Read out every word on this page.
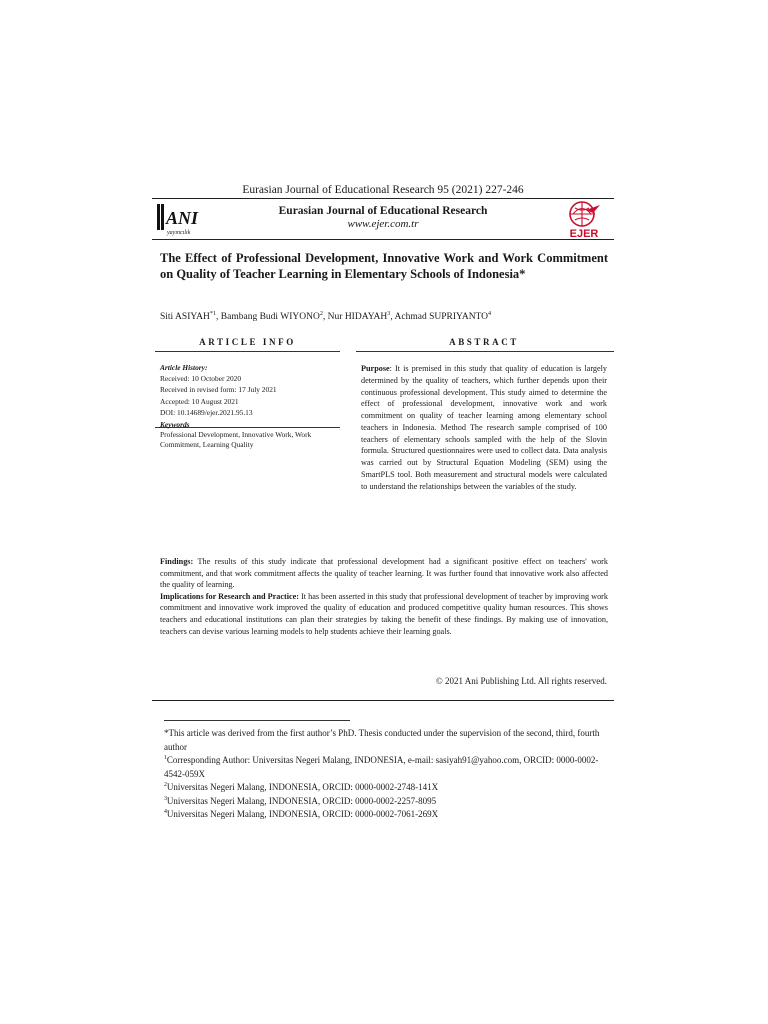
Eurasian Journal of Educational Research 95 (2021) 227-246
ANI
yayıncılık
Eurasian Journal of Educational Research
www.ejer.com.tr
EJER
The Effect of Professional Development, Innovative Work and Work Commitment on Quality of Teacher Learning in Elementary Schools of Indonesia*
Siti ASIYAH$^{*1}$, Bambang Budi WIYONO$^2$, Nur HIDAYAH$^3$, Achmad SUPRIYANTO$^4$
ARTICLE INFO	ABSTRACT
Article History:
Received: 10 October 2020
Received in revised form: 17 July 2021
Accepted: 10 August 2021
DOI: 10.14689/ejer.2021.95.13
Keywords
Professional Development, Innovative Work, Work Commitment, Learning Quality
Purpose: It is premised in this study that quality of education is largely determined by the quality of teachers, which further depends upon their continuous professional development. This study aimed to determine the effect of professional development, innovative work and work commitment on quality of teacher learning among elementary school teachers in Indonesia. Method The research sample comprised of 100 teachers of elementary schools sampled with the help of the Slovin formula. Structured questionnaires were used to collect data. Data analysis was carried out by Structural Equation Modeling (SEM) using the SmartPLS tool. Both measurement and structural models were calculated to understand the relationships between the variables of the study.
Findings: The results of this study indicate that professional development had a significant positive effect on teachers' work commitment, and that work commitment affects the quality of teacher learning. It was further found that innovative work also affected the quality of learning.
Implications for Research and Practice: It has been asserted in this study that professional development of teacher by improving work commitment and innovative work improved the quality of education and produced competitive quality human resources. This shows teachers and educational institutions can plan their strategies by taking the benefit of these findings. By making use of innovation, teachers can devise various learning models to help students achieve their learning goals.
© 2021 Ani Publishing Ltd. All rights reserved.
*This article was derived from the first author’s PhD. Thesis conducted under the supervision of the second, third, fourth author
$^1$Corresponding Author: Universitas Negeri Malang, INDONESIA, e-mail: sasiyah91@yahoo.com, ORCID: 0000-0002-4542-059X
$^2$Universitas Negeri Malang, INDONESIA, ORCID: 0000-0002-2748-141X
$^3$Universitas Negeri Malang, INDONESIA, ORCID: 0000-0002-2257-8095
$^4$Universitas Negeri Malang, INDONESIA, ORCID: 0000-0002-7061-269X
